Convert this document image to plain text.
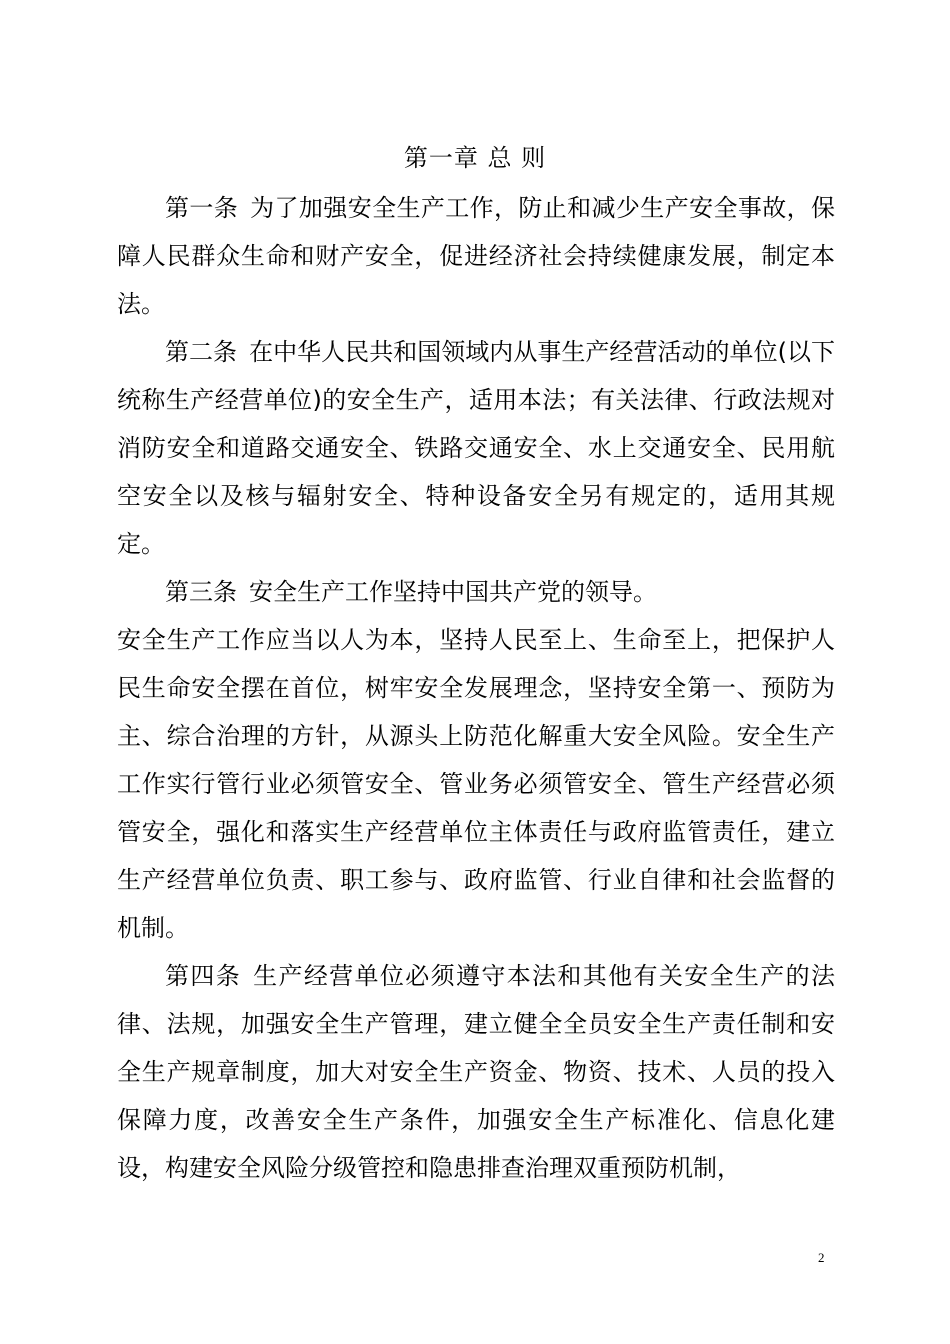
第一章 总 则

第一条 为了加强安全生产工作，防止和减少生产安全事故，保障人民群众生命和财产安全，促进经济社会持续健康发展，制定本法。

第二条 在中华人民共和国领域内从事生产经营活动的单位(以下统称生产经营单位)的安全生产，适用本法；有关法律、行政法规对消防安全和道路交通安全、铁路交通安全、水上交通安全、民用航空安全以及核与辐射安全、特种设备安全另有规定的，适用其规定。

第三条 安全生产工作坚持中国共产党的领导。

安全生产工作应当以人为本，坚持人民至上、生命至上，把保护人民生命安全摆在首位，树牢安全发展理念，坚持安全第一、预防为主、综合治理的方针，从源头上防范化解重大安全风险。安全生产工作实行管行业必须管安全、管业务必须管安全、管生产经营必须管安全，强化和落实生产经营单位主体责任与政府监管责任，建立生产经营单位负责、职工参与、政府监管、行业自律和社会监督的机制。

第四条 生产经营单位必须遵守本法和其他有关安全生产的法律、法规，加强安全生产管理，建立健全全员安全生产责任制和安全生产规章制度，加大对安全生产资金、物资、技术、人员的投入保障力度，改善安全生产条件，加强安全生产标准化、信息化建设，构建安全风险分级管控和隐患排查治理双重预防机制，

2
